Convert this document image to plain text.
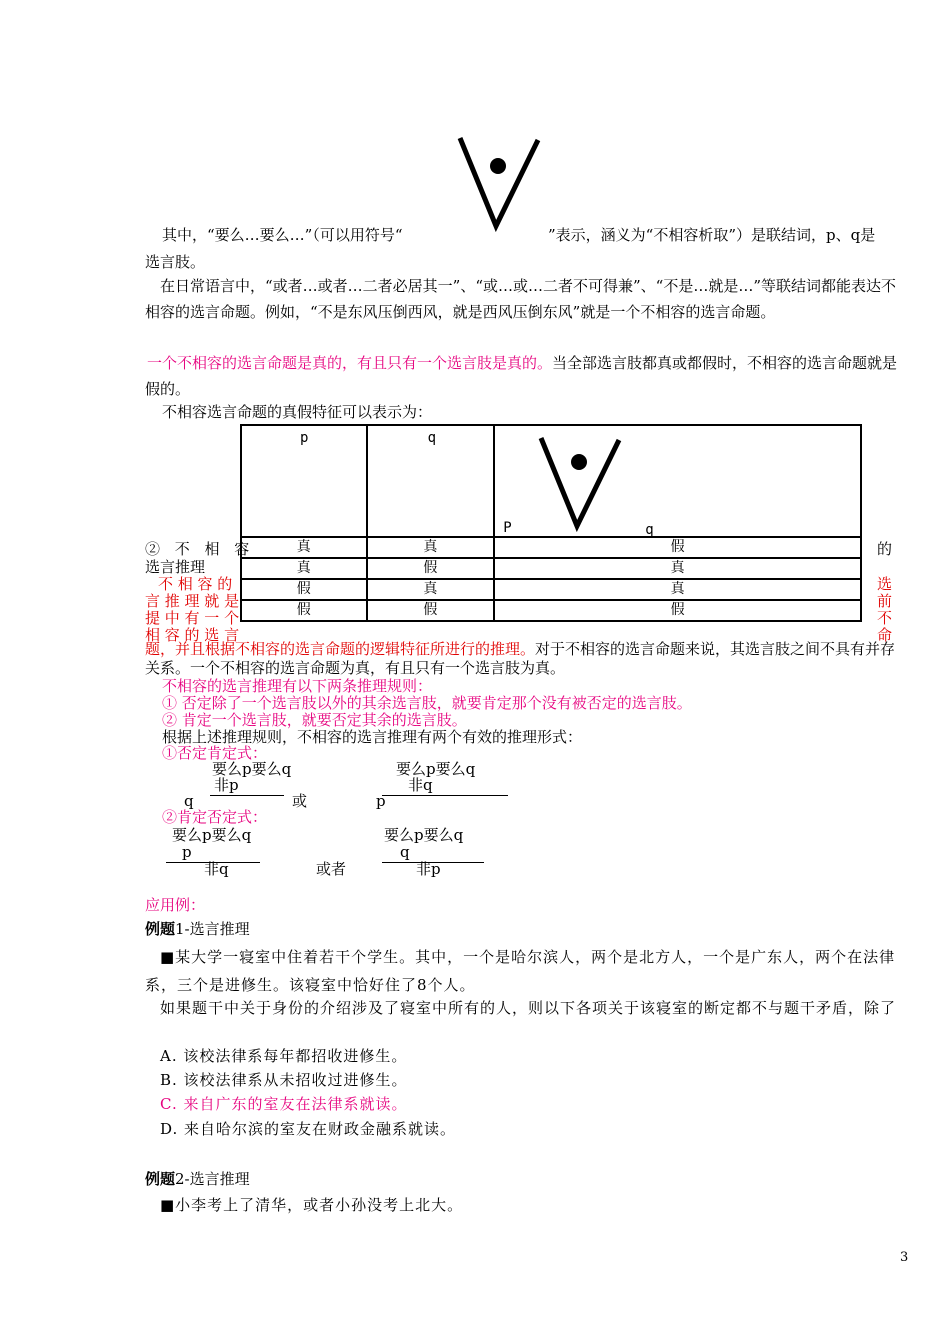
其中，“要么…要么…”（可以用符号“	”表示，涵义为“不相容析取”）是联结词，p、q是
选言肢。
在日常语言中，“或者…或者…二者必居其一”、“或…或…二者不可得兼”、“不是…就是…”等联结词都能表达不相容的选言命题。例如，“不是东风压倒西风，就是西风压倒东风”就是一个不相容的选言命题。
一个不相容的选言命题是真的，有且只有一个选言肢是真的。当全部选言肢都真或都假时，不相容的选言命题就是假的。
不相容选言命题的真假特征可以表示为：
p	q	P q

真	真	假
真	假	真
假	真	真
假	假	假
② 不 相 容
选言推理
不 相 容 的
言 推 理 就 是
提 中 有 一 个
相 容 的 选 言
的
选
前
不
命
题，并且根据不相容的选言命题的逻辑特征所进行的推理。对于不相容的选言命题来说，其选言肢之间不具有并存关系。一个不相容的选言命题为真，有且只有一个选言肢为真。
不相容的选言推理有以下两条推理规则：
① 否定除了一个选言肢以外的其余选言肢，就要肯定那个没有被否定的选言肢。
② 肯定一个选言肢，就要否定其余的选言肢。
根据上述推理规则，不相容的选言推理有两个有效的推理形式：
①否定肯定式：
要么p要么q
非p
q	或
要么p要么q
非q
p
②肯定否定式：
要么p要么q
p
非q	或者
要么p要么q
q
非p
应用例：
例题1-选言推理
■某大学一寝室中住着若干个学生。其中，一个是哈尔滨人，两个是北方人，一个是广东人，两个在法律系，三个是进修生。该寝室中恰好住了8个人。
如果题干中关于身份的介绍涉及了寝室中所有的人，则以下各项关于该寝室的断定都不与题干矛盾，除了
A. 该校法律系每年都招收进修生。
B. 该校法律系从未招收过进修生。
C. 来自广东的室友在法律系就读。
D. 来自哈尔滨的室友在财政金融系就读。
例题2-选言推理
■小李考上了清华，或者小孙没考上北大。
3
